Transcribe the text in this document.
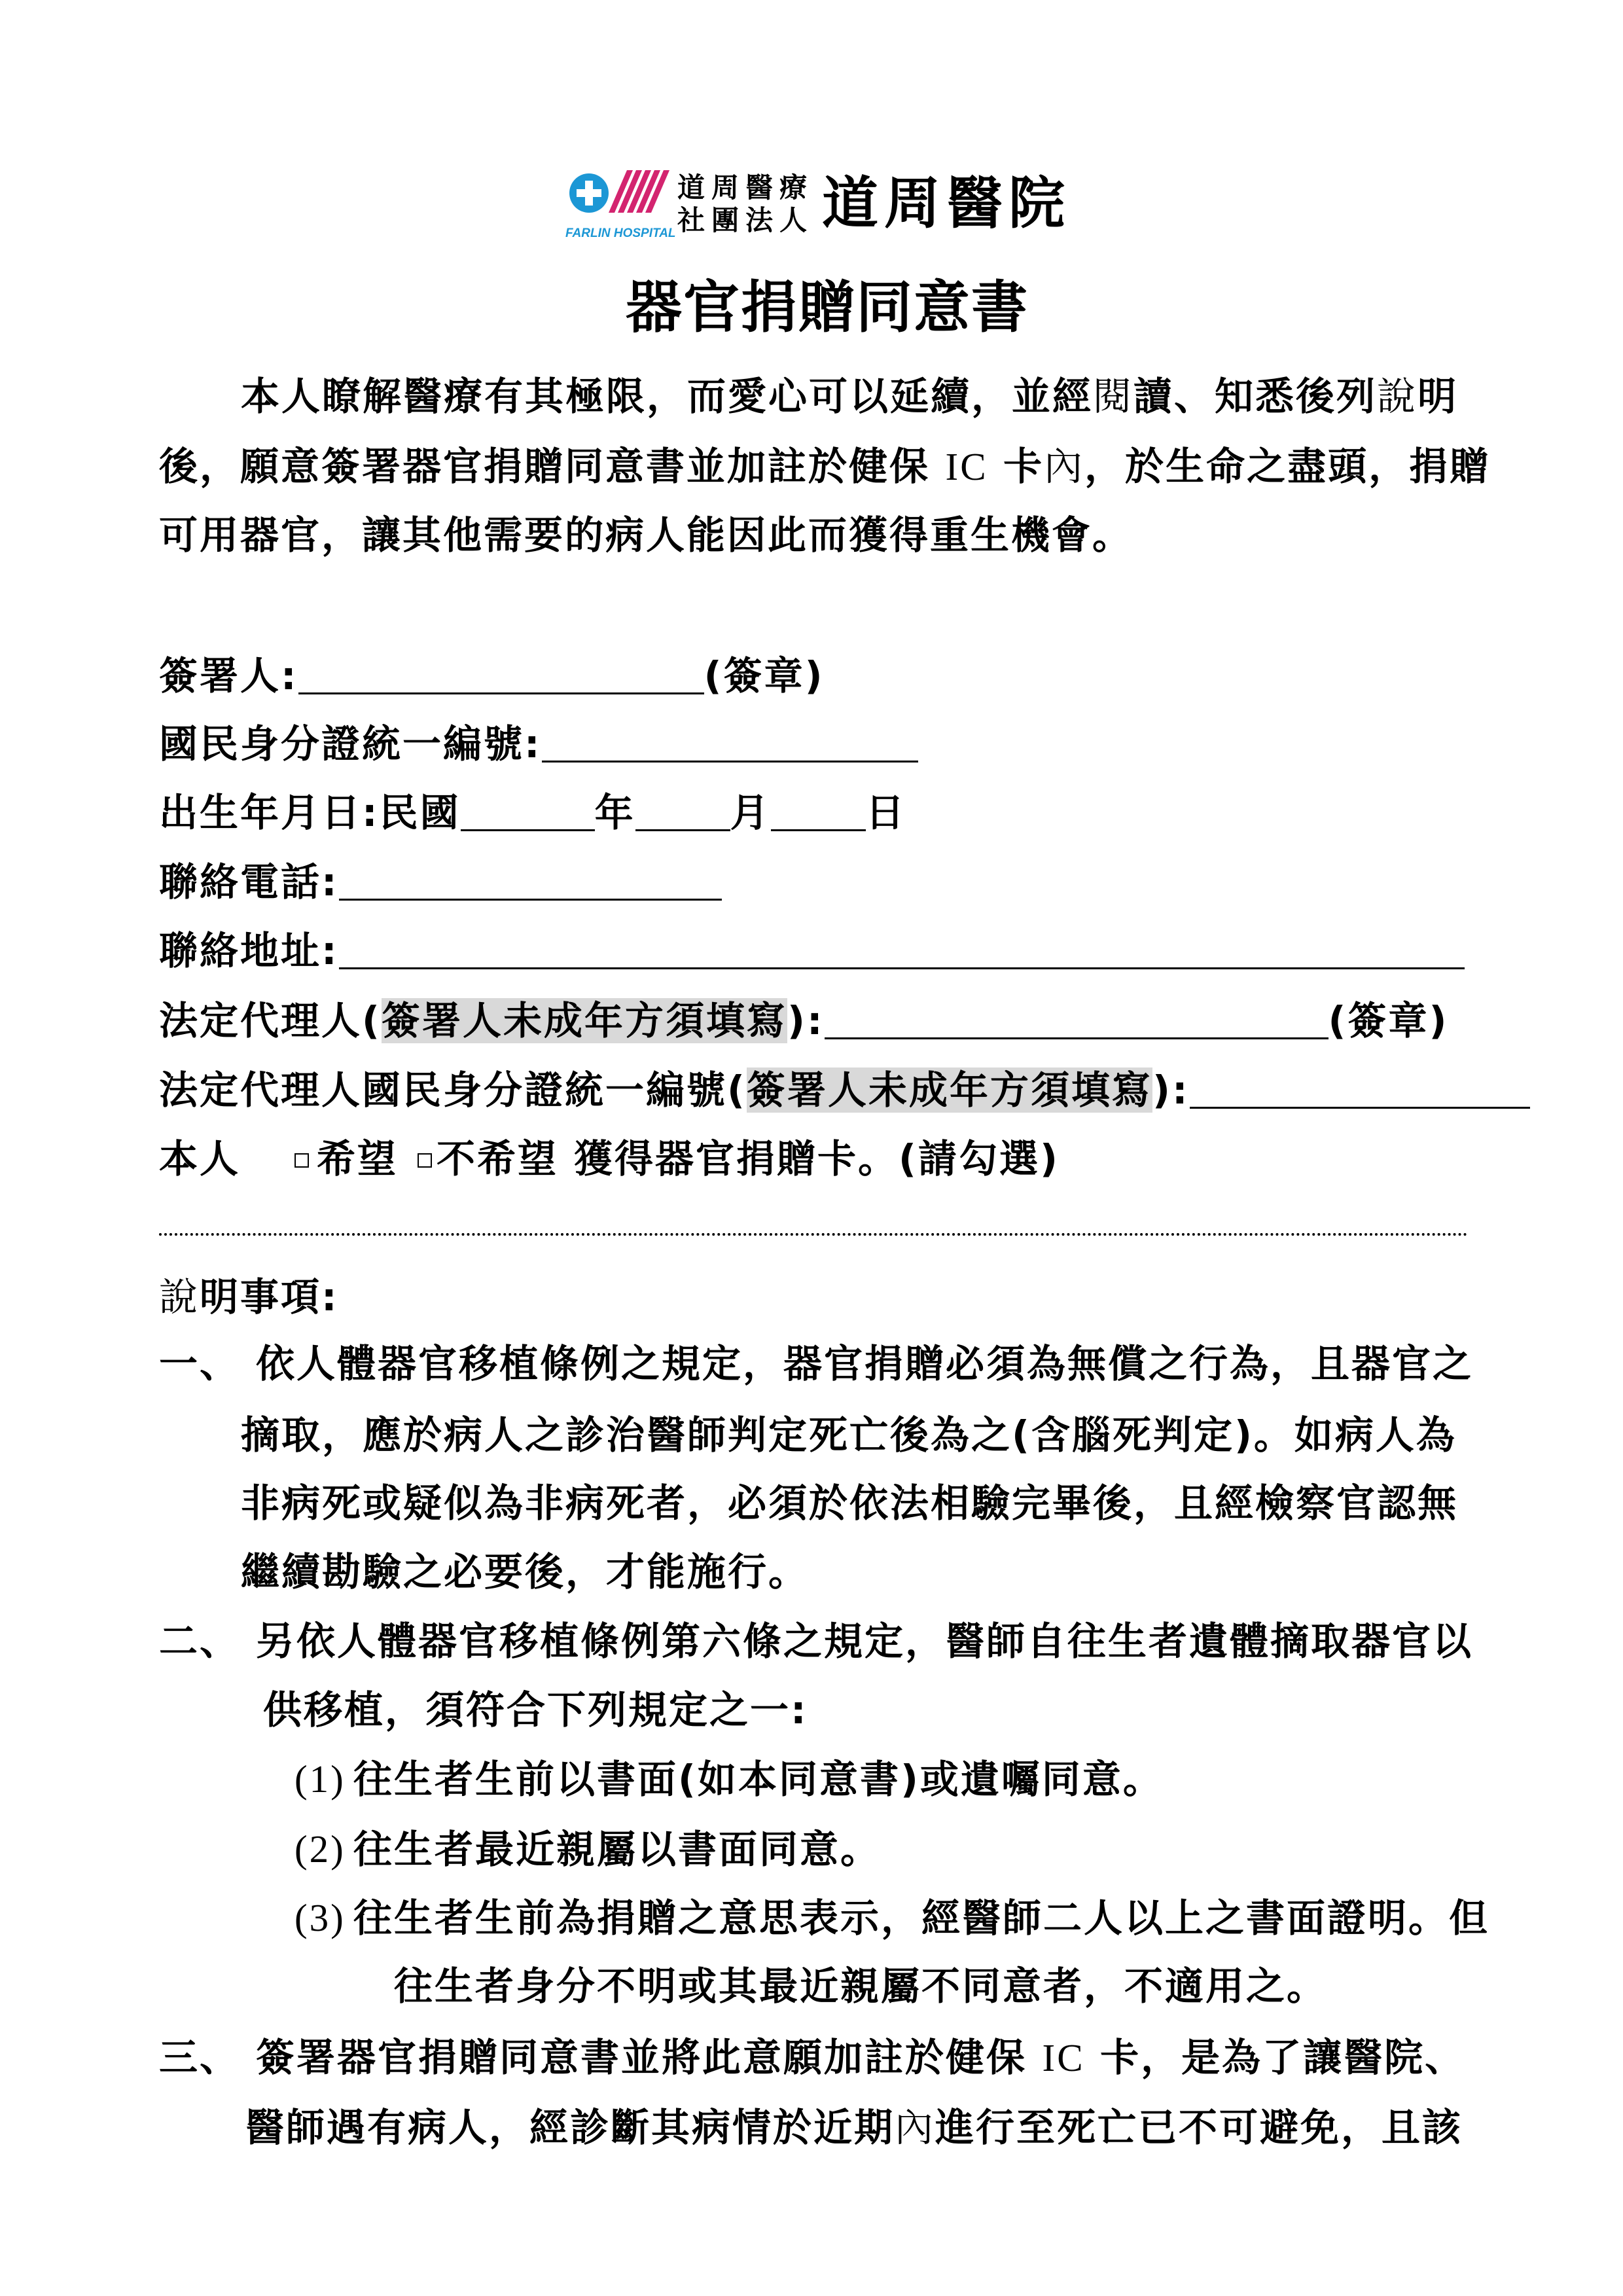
FARLIN HOSPITAL
道周醫療
社團法人 道周醫院
器官捐贈同意書
本人瞭解醫療有其極限，而愛心可以延續，並經閱讀、知悉後列說明
後，願意簽署器官捐贈同意書並加註於健保 IC 卡內，於生命之盡頭，捐贈
可用器官，讓其他需要的病人能因此而獲得重生機會。
簽署人:	(簽章)
國民身分證統一編號:
出生年月日:民國	年 月 日
聯絡電話:
聯絡地址:
法定代理人(簽署人未成年方須填寫):	(簽章)
法定代理人國民身分證統一編號(簽署人未成年方須填寫):
本人 希望 不希望 獲得器官捐贈卡。(請勾選)
說明事項:
一、 依人體器官移植條例之規定，器官捐贈必須為無償之行為，且器官之
摘取，應於病人之診治醫師判定死亡後為之(含腦死判定)。如病人為
非病死或疑似為非病死者，必須於依法相驗完畢後，且經檢察官認無
繼續勘驗之必要後，才能施行。
二、 另依人體器官移植條例第六條之規定，醫師自往生者遺體摘取器官以
供移植，須符合下列規定之一:
(1) 往生者生前以書面(如本同意書)或遺囑同意。
(2) 往生者最近親屬以書面同意。
(3) 往生者生前為捐贈之意思表示，經醫師二人以上之書面證明。但
往生者身分不明或其最近親屬不同意者，不適用之。
三、 簽署器官捐贈同意書並將此意願加註於健保 IC 卡，是為了讓醫院、
醫師遇有病人，經診斷其病情於近期內進行至死亡已不可避免，且該
